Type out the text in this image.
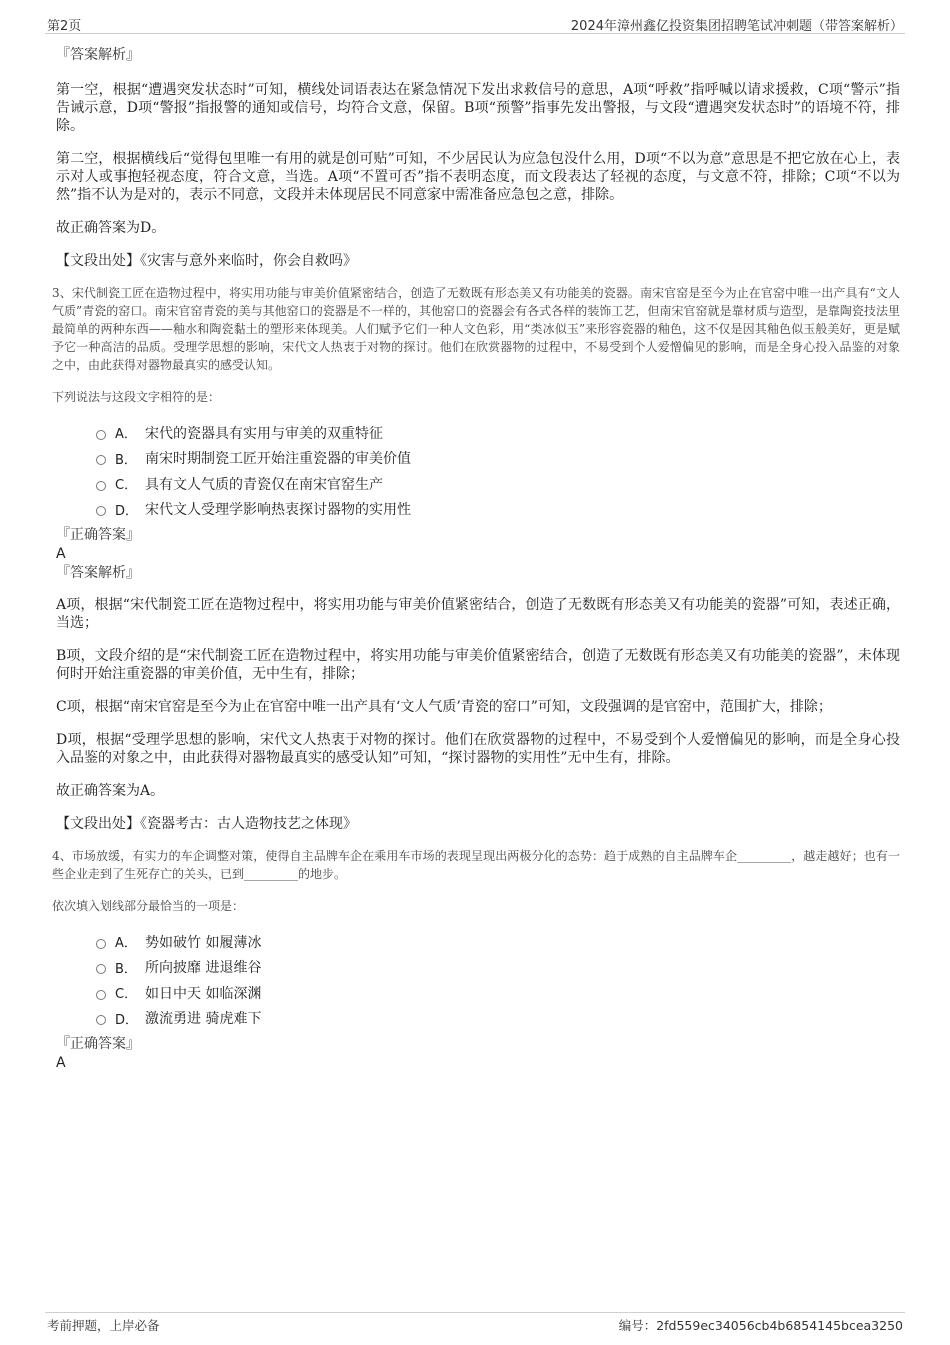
第2页	2024年漳州鑫亿投资集团招聘笔试冲刺题（带答案解析）
『答案解析』

第一空，根据“遭遇突发状态时”可知，横线处词语表达在紧急情况下发出求救信号的意思，A项“呼救”指呼喊以请求援救，C项“警示”指告诫示意，D项“警报”指报警的通知或信号，均符合文意，保留。B项“预警”指事先发出警报，与文段“遭遇突发状态时”的语境不符，排除。

第二空，根据横线后“觉得包里唯一有用的就是创可贴”可知，不少居民认为应急包没什么用，D项“不以为意”意思是不把它放在心上，表示对人或事抱轻视态度，符合文意，当选。A项“不置可否”指不表明态度，而文段表达了轻视的态度，与文意不符，排除；C项“不以为然”指不认为是对的，表示不同意，文段并未体现居民不同意家中需准备应急包之意，排除。

故正确答案为D。

【文段出处】《灾害与意外来临时，你会自救吗》

3、宋代制瓷工匠在造物过程中，将实用功能与审美价值紧密结合，创造了无数既有形态美又有功能美的瓷器。南宋官窑是至今为止在官窑中唯一出产具有“文人气质”青瓷的窑口。南宋官窑青瓷的美与其他窑口的瓷器是不一样的，其他窑口的瓷器会有各式各样的装饰工艺，但南宋官窑就是靠材质与造型，是靠陶瓷技法里最简单的两种东西——釉水和陶瓷黏土的塑形来体现美。人们赋予它们一种人文色彩，用“类冰似玉”来形容瓷器的釉色，这不仅是因其釉色似玉般美好，更是赋予它一种高洁的品质。受理学思想的影响，宋代文人热衷于对物的探讨。他们在欣赏器物的过程中，不易受到个人爱憎偏见的影响，而是全身心投入品鉴的对象之中，由此获得对器物最真实的感受认知。

下列说法与这段文字相符的是：

A． 宋代的瓷器具有实用与审美的双重特征
B． 南宋时期制瓷工匠开始注重瓷器的审美价值
C． 具有文人气质的青瓷仅在南宋官窑生产
D． 宋代文人受理学影响热衷探讨器物的实用性
『正确答案』
A
『答案解析』

A项，根据“宋代制瓷工匠在造物过程中，将实用功能与审美价值紧密结合，创造了无数既有形态美又有功能美的瓷器”可知，表述正确，当选；

B项，文段介绍的是“宋代制瓷工匠在造物过程中，将实用功能与审美价值紧密结合，创造了无数既有形态美又有功能美的瓷器”，未体现何时开始注重瓷器的审美价值，无中生有，排除；

C项，根据“南宋官窑是至今为止在官窑中唯一出产具有‘文人气质’青瓷的窑口”可知，文段强调的是官窑中，范围扩大，排除；

D项，根据“受理学思想的影响，宋代文人热衷于对物的探讨。他们在欣赏器物的过程中，不易受到个人爱憎偏见的影响，而是全身心投入品鉴的对象之中，由此获得对器物最真实的感受认知”可知，“探讨器物的实用性”无中生有，排除。

故正确答案为A。

【文段出处】《瓷器考古：古人造物技艺之体现》

4、市场放缓，有实力的车企调整对策，使得自主品牌车企在乘用车市场的表现呈现出两极分化的态势：趋于成熟的自主品牌车企_________，越走越好；也有一些企业走到了生死存亡的关头，已到_________的地步。

依次填入划线部分最恰当的一项是：

A． 势如破竹 如履薄冰
B． 所向披靡 进退维谷
C． 如日中天 如临深渊
D． 激流勇进 骑虎难下
『正确答案』
A
考前押题，上岸必备	编号：2fd559ec34056cb4b6854145bcea3250
